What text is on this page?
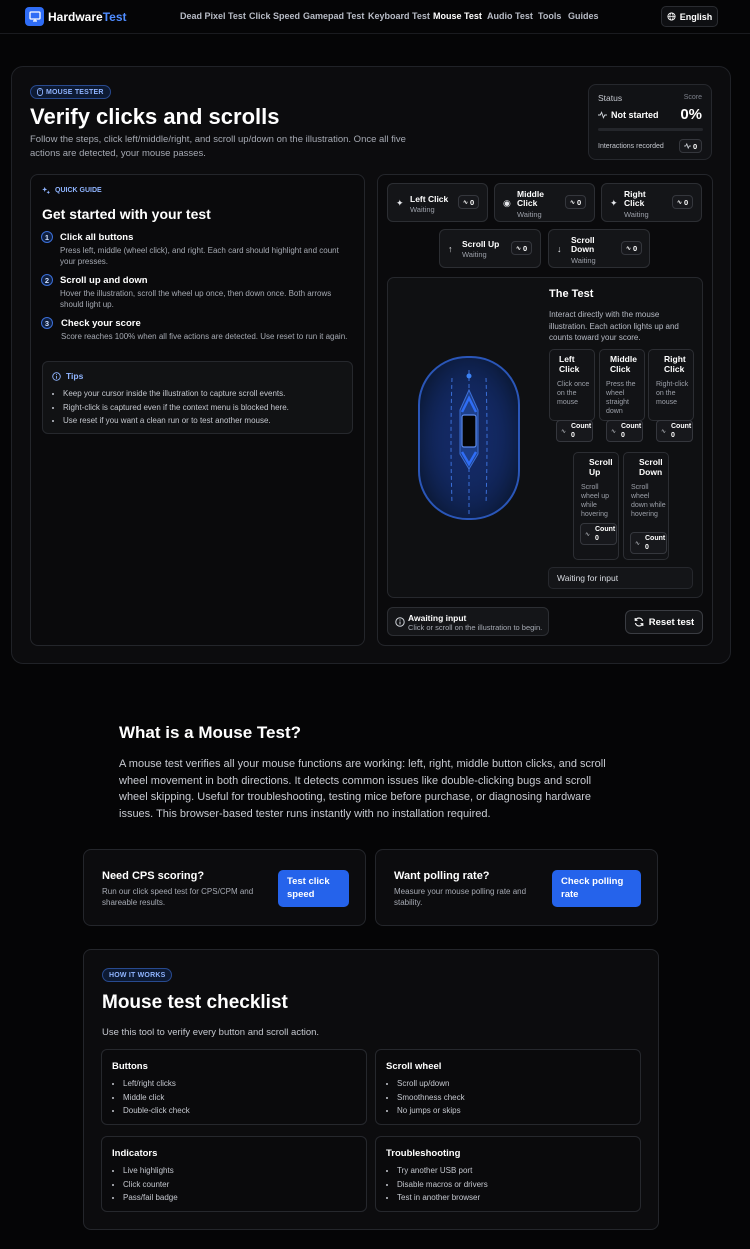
HardwareTest	Dead Pixel Test Click Speed Gamepad Test Keyboard Test Mouse Test Audio Test Tools Guides	English
MOUSE TESTER
Verify clicks and scrolls
Follow the steps, click left/middle/right, and scroll up/down on the illustration. Once all five actions are detected, your mouse passes.
Status	Score
Not started 0%
Interactions recorded	0
QUICK GUIDE
Get started with your test
1	Click all buttons
Press left, middle (wheel click), and right. Each card should highlight and count your presses.
2	Scroll up and down
Hover the illustration, scroll the wheel up once, then down once. Both arrows should light up.
3	Check your score
Score reaches 100% when all five actions are detected. Use reset to run it again.
Tips
• Keep your cursor inside the illustration to capture scroll events.
• Right-click is captured even if the context menu is blocked here.
• Use reset if you want a clean run or to test another mouse.
✦ Left Click
Waiting
∿ 0	◉
Middle Click
Waiting
∿ 0	✦
Right Click
Waiting
∿ 0
↑	Scroll Up
Waiting
∿ 0	↓
Scroll Down
Waiting
∿ 0
The Test
Interact directly with the mouse illustration. Each action lights up and counts toward your score.
Left Click
Click once on the mouse
∿
Count
0
Middle Click
Press the wheel straight down
∿
Count
0
Right Click
Right-click on the mouse
∿
Count
0
Scroll Up
Scroll wheel up while hovering
∿
Count
0
Scroll Down
Scroll wheel down while hovering
∿
Count
0
Waiting for input
Awaiting input
Click or scroll on the illustration to begin.	Reset test
What is a Mouse Test?
A mouse test verifies all your mouse functions are working: left, right, middle button clicks, and scroll wheel movement in both directions. It detects common issues like double-clicking bugs and scroll wheel skipping. Useful for troubleshooting, testing mice before purchase, or diagnosing hardware issues. This browser-based tester runs instantly with no installation required.
Need CPS scoring?
Run our click speed test for CPS/CPM and shareable results.
Test click speed
Want polling rate?
Measure your mouse polling rate and stability.
Check polling rate
HOW IT WORKS
Mouse test checklist
Use this tool to verify every button and scroll action.
Buttons
• Left/right clicks
• Middle click
• Double-click check
Scroll wheel
• Scroll up/down
• Smoothness check
• No jumps or skips
Indicators
• Live highlights
• Click counter
• Pass/fail badge
Troubleshooting
• Try another USB port
• Disable macros or drivers
• Test in another browser
